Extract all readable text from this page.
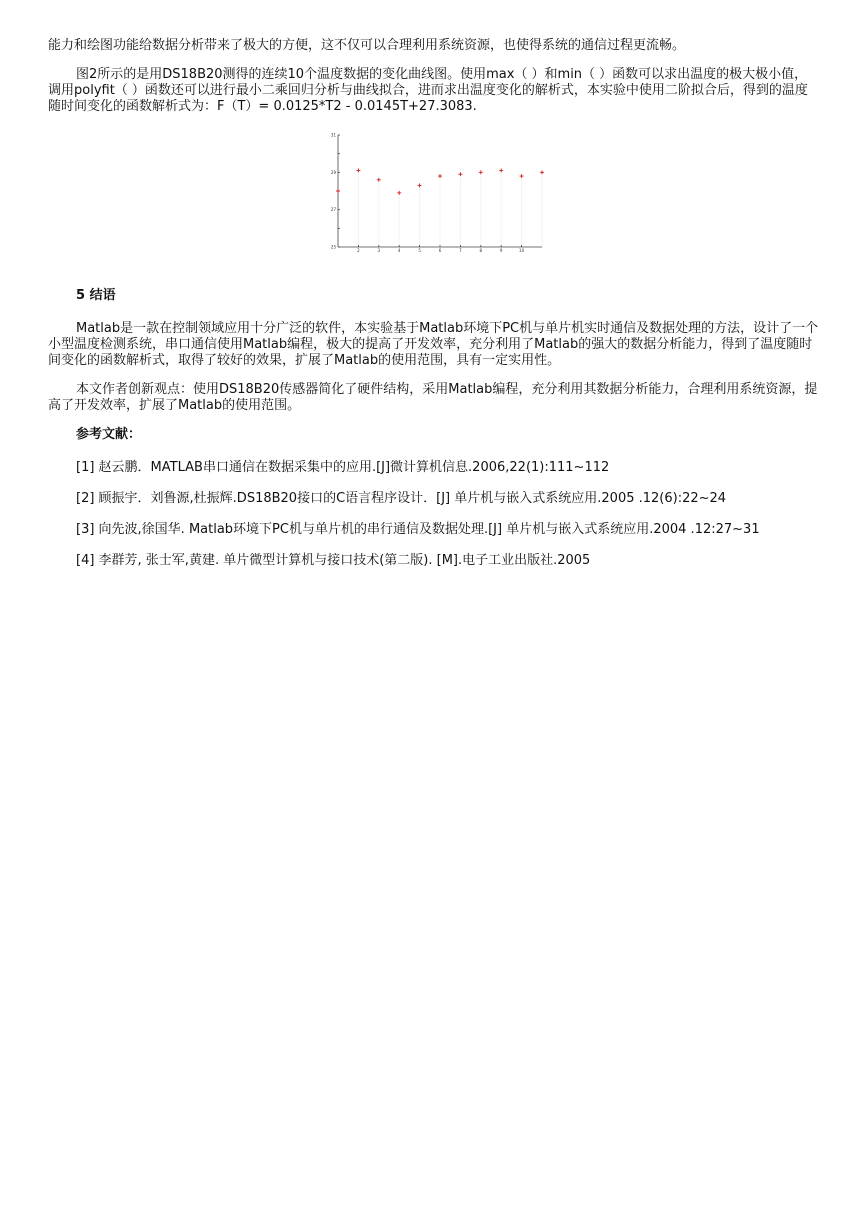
能力和绘图功能给数据分析带来了极大的方便，这不仅可以合理利用系统资源，也使得系统的通信过程更流畅。

图2所示的是用DS18B20测得的连续10个温度数据的变化曲线图。使用max（ ）和min（ ）函数可以求出温度的极大极小值，调用polyfit（ ）函数还可以进行最小二乘回归分析与曲线拟合，进而求出温度变化的解析式，本实验中使用二阶拟合后，得到的温度随时间变化的函数解析式为：F（T）= 0.0125*T2 - 0.0145T+27.3083.

25
27
29
31
2	3	4	5	6	7	8	9	10

5 结语

Matlab是一款在控制领域应用十分广泛的软件，本实验基于Matlab环境下PC机与单片机实时通信及数据处理的方法，设计了一个小型温度检测系统，串口通信使用Matlab编程，极大的提高了开发效率，充分利用了Matlab的强大的数据分析能力，得到了温度随时间变化的函数解析式，取得了较好的效果，扩展了Matlab的使用范围，具有一定实用性。

本文作者创新观点：使用DS18B20传感器简化了硬件结构，采用Matlab编程，充分利用其数据分析能力，合理利用系统资源，提高了开发效率，扩展了Matlab的使用范围。

参考文献：

[1] 赵云鹏．MATLAB串口通信在数据采集中的应用.[J]微计算机信息.2006,22(1):111~112

[2] 顾振宇．刘鲁源,杜振辉.DS18B20接口的C语言程序设计．[J] 单片机与嵌入式系统应用.2005 .12(6):22~24

[3] 向先波,徐国华. Matlab环境下PC机与单片机的串行通信及数据处理.[J] 单片机与嵌入式系统应用.2004 .12:27~31

[4] 李群芳, 张士军,黄建. 单片微型计算机与接口技术(第二版). [M].电子工业出版社.2005
